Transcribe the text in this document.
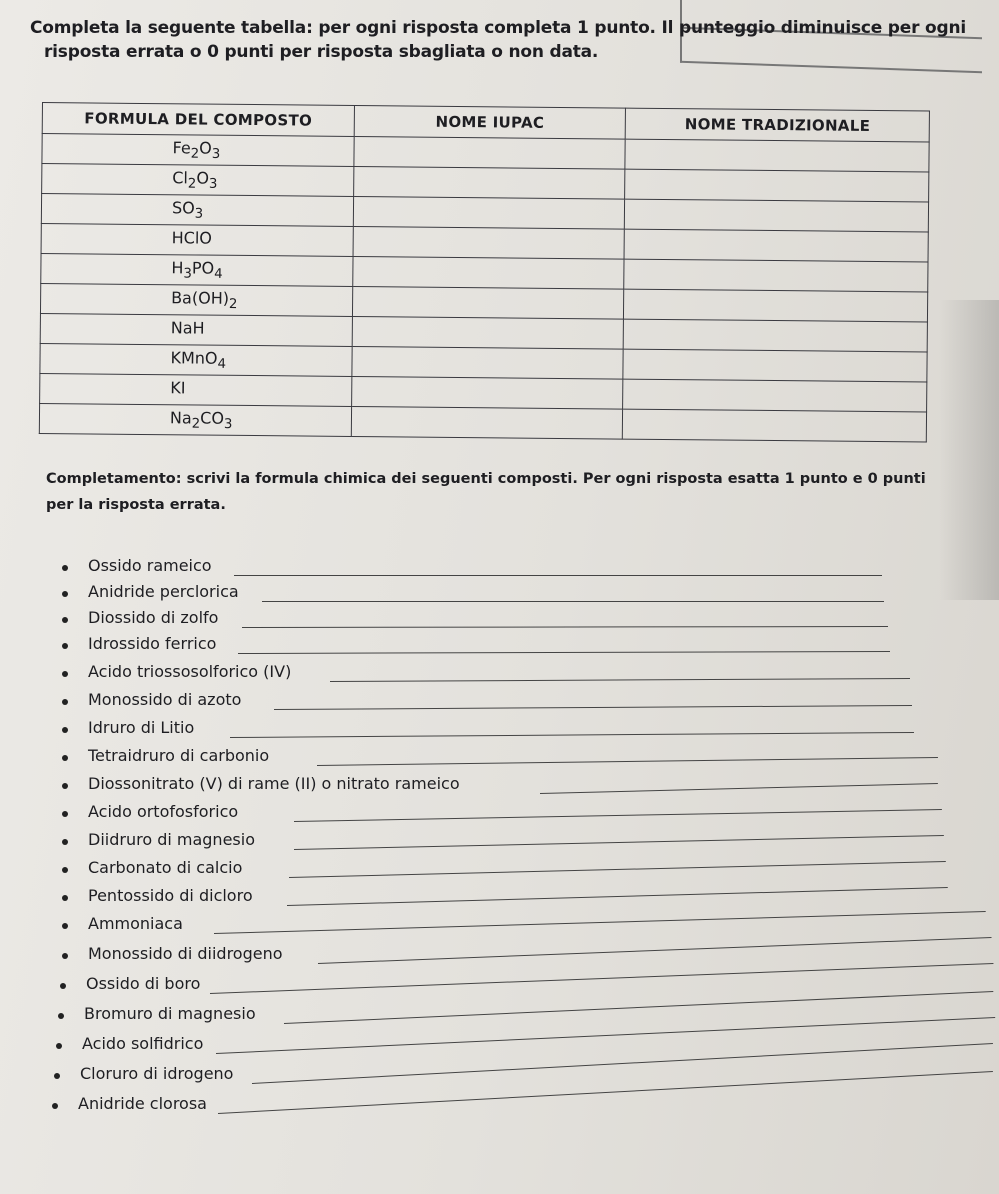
Completa la seguente tabella: per ogni risposta completa 1 punto. Il punteggio diminuisce per ogni
risposta errata o 0 punti per risposta sbagliata o non data.
FORMULA DEL COMPOSTO	NOME IUPAC	NOME TRADIZIONALE
$Fe_2O_3$		
$Cl_2O_3$		
$SO_3$		
HClO		
$H_3PO_4$		
$Ba(OH)_2$		
NaH		
KMnO$_4$		
KI		
$Na_2CO_3$		
Completamento: scrivi la formula chimica dei seguenti composti. Per ogni risposta esatta 1 punto e 0 punti per la risposta errata.
Ossido rameico
Anidride perclorica
Diossido di zolfo
Idrossido ferrico
Acido triossosolforico (IV)
Monossido di azoto
Idruro di Litio
Tetraidruro di carbonio
Diossonitrato (V) di rame (II) o nitrato rameico
Acido ortofosforico
Diidruro di magnesio
Carbonato di calcio
Pentossido di dicloro
Ammoniaca
Monossido di diidrogeno
Ossido di boro
Bromuro di magnesio
Acido solfidrico
Cloruro di idrogeno
Anidride clorosa
